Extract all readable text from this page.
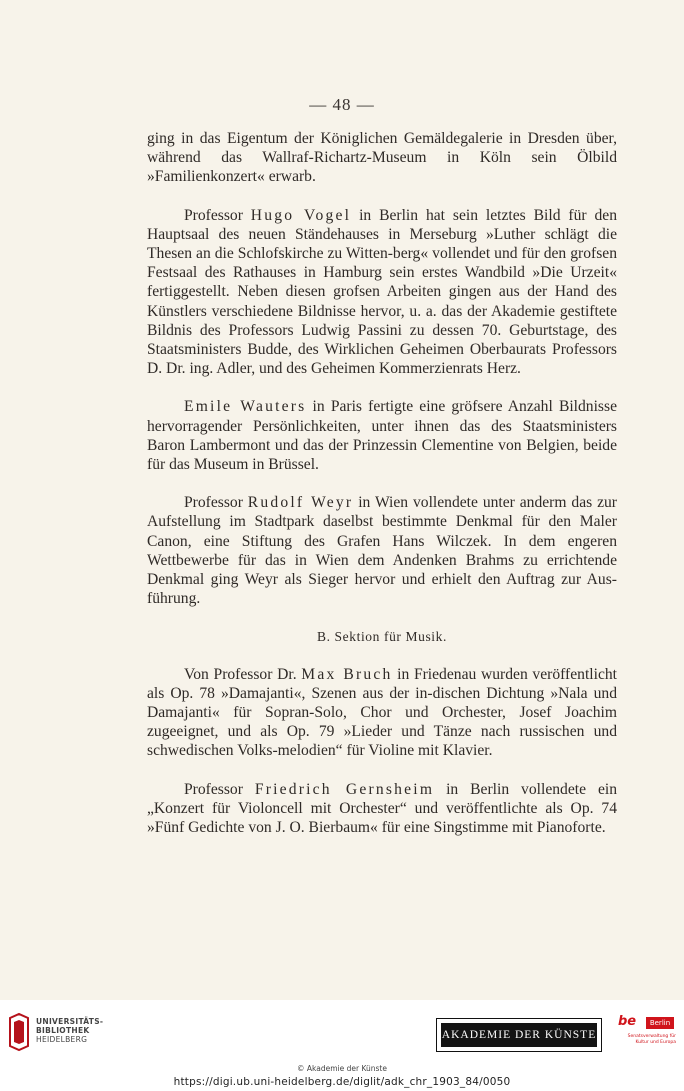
— 48 —

ging in das Eigentum der Königlichen Gemäldegalerie in Dresden über, während das Wallraf-Richartz-Museum in Köln sein Ölbild »Familienkonzert« erwarb.

Professor Hugo Vogel in Berlin hat sein letztes Bild für den Hauptsaal des neuen Ständehauses in Merseburg »Luther schlägt die Thesen an die Schlofskirche zu Witten-berg« vollendet und für den grofsen Festsaal des Rathauses in Hamburg sein erstes Wandbild »Die Urzeit« fertiggestellt. Neben diesen grofsen Arbeiten gingen aus der Hand des Künstlers verschiedene Bildnisse hervor, u. a. das der Akademie gestiftete Bildnis des Professors Ludwig Passini zu dessen 70. Geburtstage, des Staatsministers Budde, des Wirklichen Geheimen Oberbaurats Professors D. Dr. ing. Adler, und des Geheimen Kommerzienrats Herz.

Emile Wauters in Paris fertigte eine gröfsere Anzahl Bildnisse hervorragender Persönlichkeiten, unter ihnen das des Staatsministers Baron Lambermont und das der Prinzessin Clementine von Belgien, beide für das Museum in Brüssel.

Professor Rudolf Weyr in Wien vollendete unter anderm das zur Aufstellung im Stadtpark daselbst bestimmte Denkmal für den Maler Canon, eine Stiftung des Grafen Hans Wilczek. In dem engeren Wettbewerbe für das in Wien dem Andenken Brahms zu errichtende Denkmal ging Weyr als Sieger hervor und erhielt den Auftrag zur Aus-führung.

B. Sektion für Musik.

Von Professor Dr. Max Bruch in Friedenau wurden veröffentlicht als Op. 78 »Damajanti«, Szenen aus der in-dischen Dichtung »Nala und Damajanti« für Sopran-Solo, Chor und Orchester, Josef Joachim zugeeignet, und als Op. 79 »Lieder und Tänze nach russischen und schwedischen Volks-melodien“ für Violine mit Klavier.

Professor Friedrich Gernsheim in Berlin vollendete ein „Konzert für Violoncell mit Orchester“ und veröffentlichte als Op. 74 »Fünf Gedichte von J. O. Bierbaum« für eine Singstimme mit Pianoforte.

UNIVERSITÄTS-
BIBLIOTHEK
HEIDELBERG	AKADEMIE DER KÜNSTE
be	Berlin
Senatsverwaltung für Kultur und Europa
© Akademie der Künste
https://digi.ub.uni-heidelberg.de/diglit/adk_chr_1903_84/0050
